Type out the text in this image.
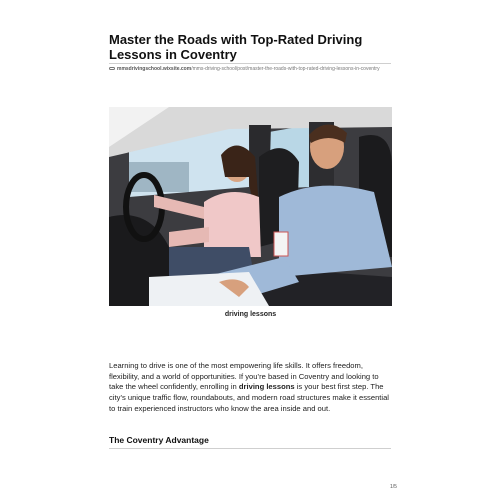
Master the Roads with Top-Rated Driving Lessons in Coventry
mmsdrivingschool.wixsite.com/mms-driving-school/post/master-the-roads-with-top-rated-driving-lessons-in-coventry
driving lessons
Learning to drive is one of the most empowering life skills. It offers freedom, flexibility, and a world of opportunities. If you’re based in Coventry and looking to take the wheel confidently, enrolling in driving lessons is your best first step. The city’s unique traffic flow, roundabouts, and modern road structures make it essential to train experienced instructors who know the area inside and out.
The Coventry Advantage
1/5
